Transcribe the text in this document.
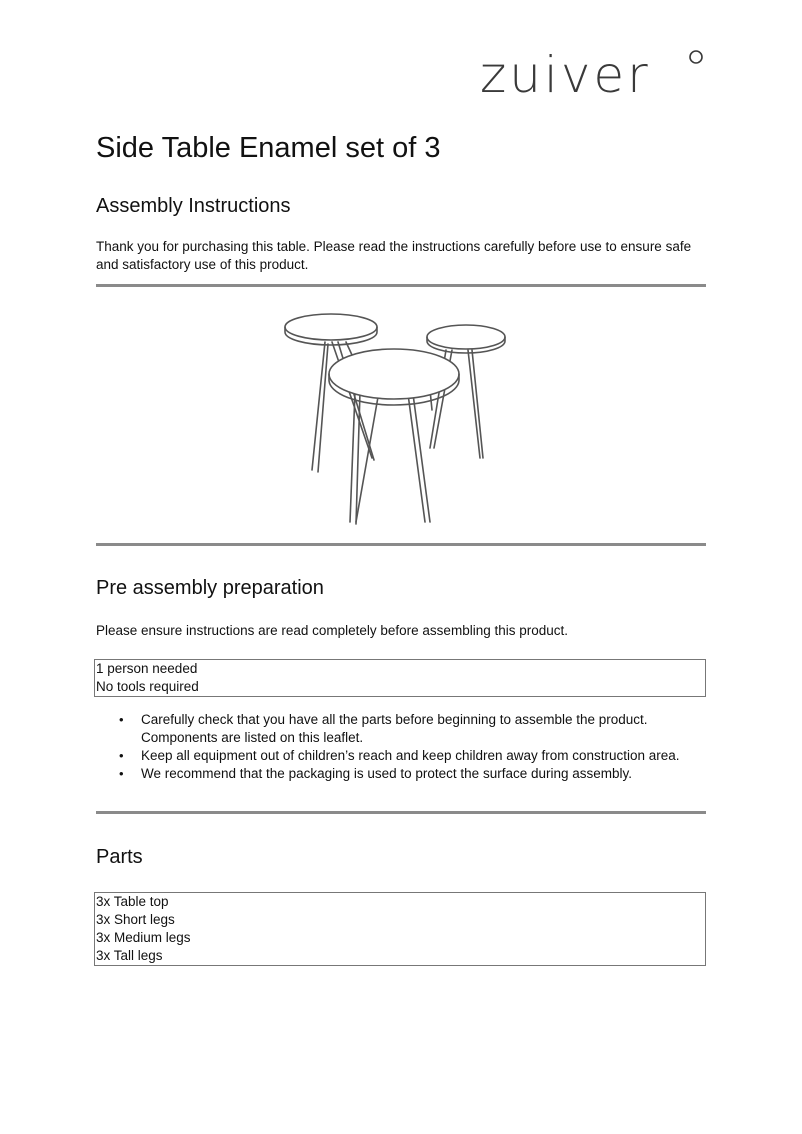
zuiver
Side Table Enamel set of 3
Assembly Instructions

Thank you for purchasing this table. Please read the instructions carefully before use to ensure safe and satisfactory use of this product.

Pre assembly preparation

Please ensure instructions are read completely before assembling this product.

1 person needed
No tools required
• Carefully check that you have all the parts before beginning to assemble the product. Components are listed on this leaflet.
• Keep all equipment out of children’s reach and keep children away from construction area.
• We recommend that the packaging is used to protect the surface during assembly.
Parts
3x Table top
3x Short legs
3x Medium legs
3x Tall legs
